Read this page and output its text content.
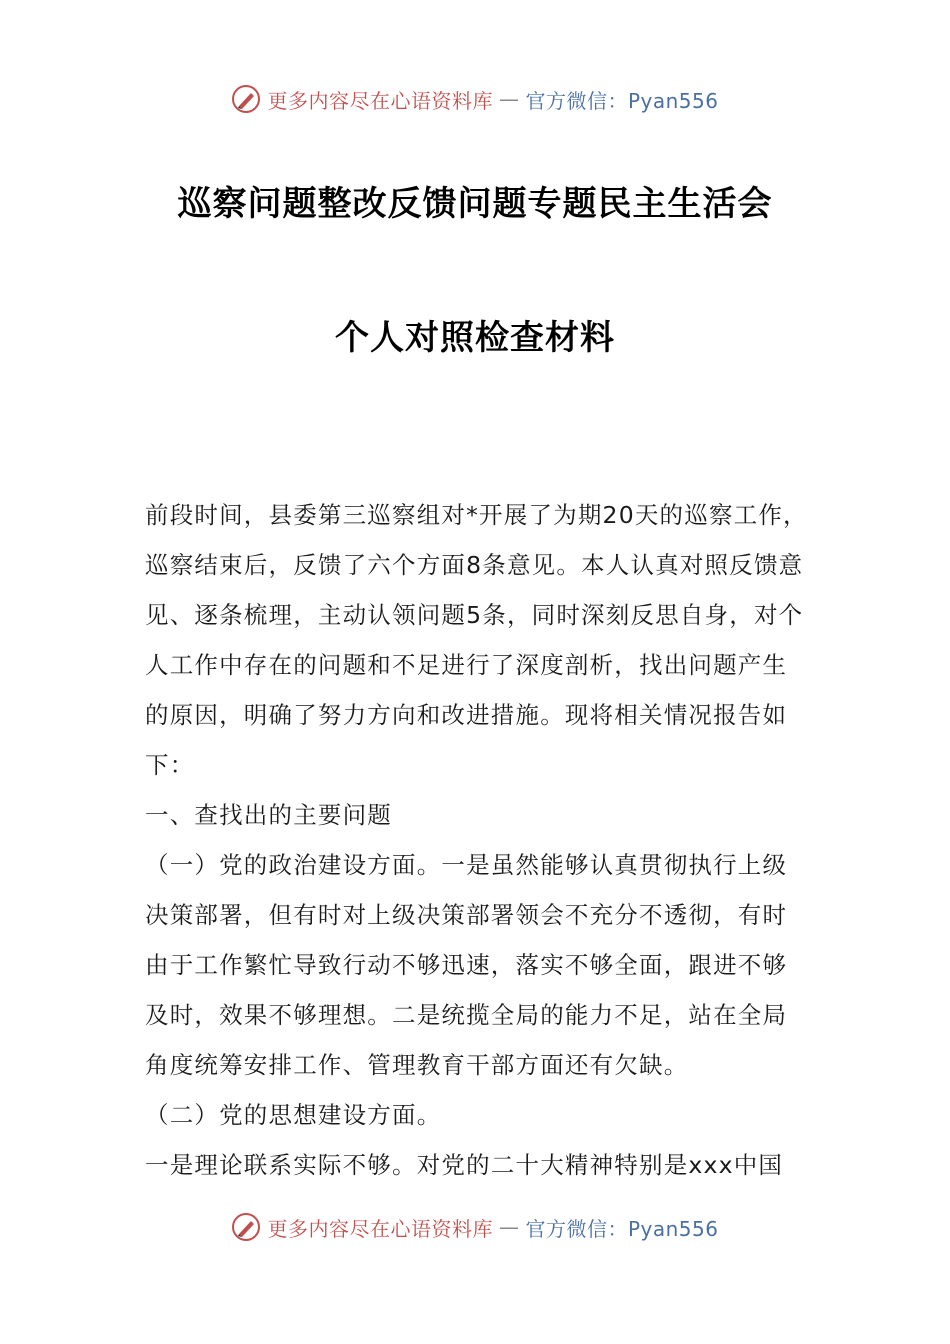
更多内容尽在心语资料库 — 官方微信：Pyan556
巡察问题整改反馈问题专题民主生活会
个人对照检查材料

前段时间，县委第三巡察组对*开展了为期20天的巡察工作，巡察结束后，反馈了六个方面8条意见。本人认真对照反馈意见、逐条梳理，主动认领问题5条，同时深刻反思自身，对个人工作中存在的问题和不足进行了深度剖析，找出问题产生的原因，明确了努力方向和改进措施。现将相关情况报告如下：

一、查找出的主要问题

（一）党的政治建设方面。一是虽然能够认真贯彻执行上级决策部署，但有时对上级决策部署领会不充分不透彻，有时由于工作繁忙导致行动不够迅速，落实不够全面，跟进不够及时，效果不够理想。二是统揽全局的能力不足，站在全局角度统筹安排工作、管理教育干部方面还有欠缺。

（二）党的思想建设方面。

一是理论联系实际不够。对党的二十大精神特别是xxx中国

更多内容尽在心语资料库 — 官方微信：Pyan556
